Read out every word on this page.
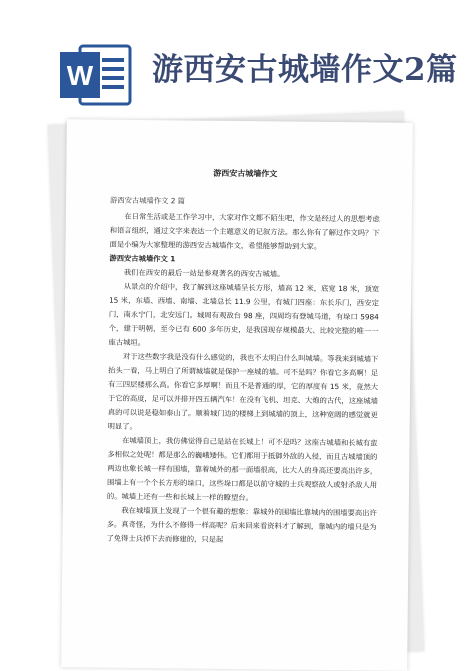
W 游西安古城墙作文2篇

游西安古城墙作文

游西安古城墙作文 2 篇

在日常生活或是工作学习中，大家对作文都不陌生吧，作文是经过人的思想考虑和语言组织，通过文字来表达一个主题意义的记叙方法。那么你有了解过作文吗？下面是小编为大家整理的游西安古城墙作文，希望能够帮助到大家。

游西安古城墙作文 1

我们在西安的最后一站是参观著名的西安古城墙。

从景点的介绍中，我了解到这座城墙呈长方形，墙高 12 米，底宽 18 米，顶宽 15 米，东墙、西墙、南墙、北墙总长 11.9 公里，有城门四座：东长乐门，西安定门，南永宁门，北安远门。城周有观敌台 98 座，四周均有登城马道，有垛口 5984 个，建于明朝，至今已有 600 多年历史，是我国现存规模最大、比较完整的唯一一座古城垣。

对于这些数字我是没有什么感觉的，我也不太明白什么叫城墙。等我来到城墙下抬头一看，马上明白了所谓城墙就是保护一座城的墙。可不是吗？你看它多高啊！足有三四层楼那么高。你看它多厚啊！而且不是普通的厚，它的厚度有 15 米，竟然大于它的高度，足可以并排开四五辆汽车！在没有飞机、坦克、大炮的古代，这座城墙真的可以说是稳如泰山了。顺着城门边的楼梯上到城墙的顶上，这种宽阔的感觉就更明显了。

在城墙顶上，我仿佛觉得自己是站在长城上！可不是吗？这座古城墙和长城有蛮多相似之处呢！都是那么的巍峨矮伟。它们都用于抵御外敌的入侵，而且古城墙顶的两边也象长城一样有围墙，靠着城外的那一面墙很高，比大人的身高还要高出许多，围墙上有一个个长方形的垛口，这些垛口都是以前守城的士兵观察敌人或射杀敌人用的。城墙上还有一些和长城上一样的瞭望台。

我在城墙顶上发现了一个很有趣的想象：靠城外的围墙比靠城内的围墙要高出许多。真奇怪，为什么不修得一样高呢？后来回来看资料才了解到，靠城内的墙只是为了免得士兵掉下去而修建的，只是起
